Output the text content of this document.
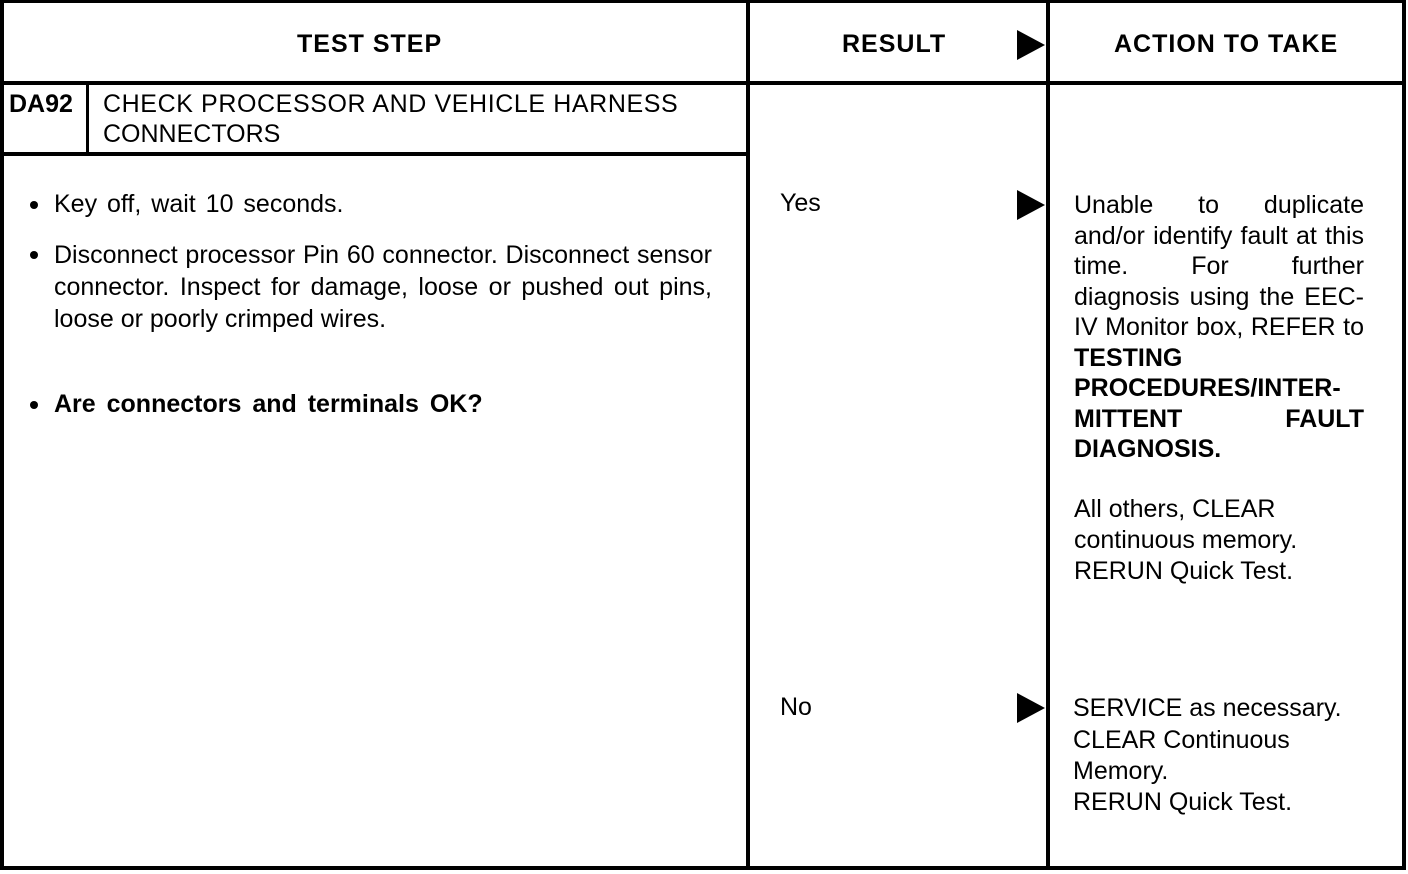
TEST STEP	RESULT	ACTION TO TAKE
DA92 CHECK PROCESSOR AND VEHICLE HARNESS
CONNECTORS
Key off, wait 10 seconds.
Disconnect processor Pin 60 connector. Disconnect sensor connector. Inspect for damage, loose or pushed out pins, loose or poorly crimped wires.
Are connectors and terminals OK?
Yes	Unable to duplicate and/or identify fault at this time. For further diagnosis using the EEC-IV Monitor box, REFER to TESTING PROCEDURES/INTER-MITTENT FAULT DIAGNOSIS.
All others, CLEAR continuous memory. RERUN Quick Test.
No	SERVICE as necessary.
CLEAR Continuous Memory.
RERUN Quick Test.
